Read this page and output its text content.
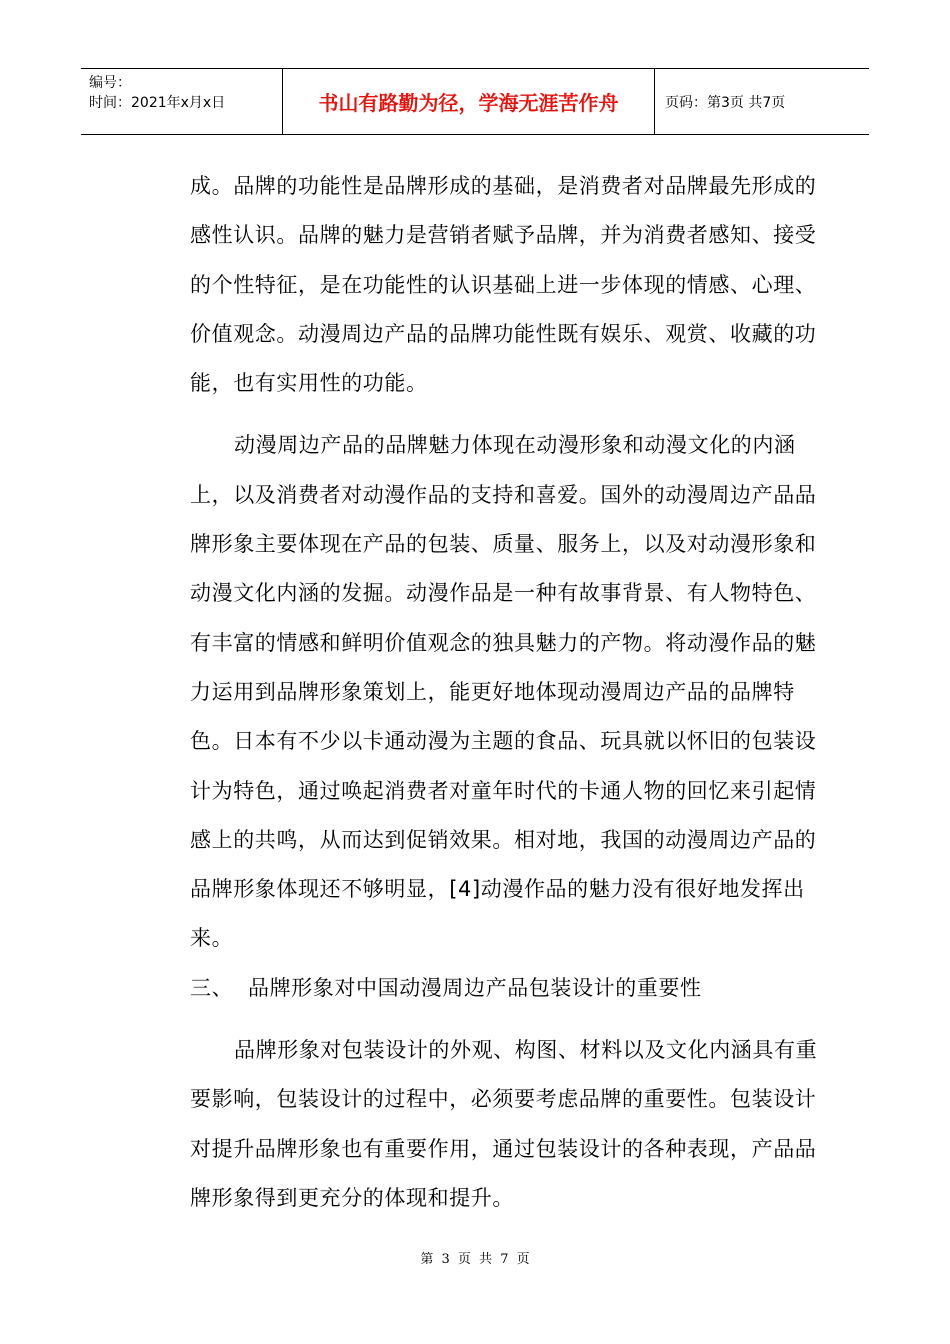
编号：
时间：2021年x月x日	书山有路勤为径，学海无涯苦作舟	页码：第3页 共7页

成。品牌的功能性是品牌形成的基础，是消费者对品牌最先形成的感性认识。品牌的魅力是营销者赋予品牌，并为消费者感知、接受的个性特征，是在功能性的认识基础上进一步体现的情感、心理、价值观念。动漫周边产品的品牌功能性既有娱乐、观赏、收藏的功能，也有实用性的功能。

动漫周边产品的品牌魅力体现在动漫形象和动漫文化的内涵上，以及消费者对动漫作品的支持和喜爱。国外的动漫周边产品品牌形象主要体现在产品的包装、质量、服务上，以及对动漫形象和动漫文化内涵的发掘。动漫作品是一种有故事背景、有人物特色、有丰富的情感和鲜明价值观念的独具魅力的产物。将动漫作品的魅力运用到品牌形象策划上，能更好地体现动漫周边产品的品牌特色。日本有不少以卡通动漫为主题的食品、玩具就以怀旧的包装设计为特色，通过唤起消费者对童年时代的卡通人物的回忆来引起情感上的共鸣，从而达到促销效果。相对地，我国的动漫周边产品的品牌形象体现还不够明显，[4]动漫作品的魅力没有很好地发挥出来。

三、 品牌形象对中国动漫周边产品包装设计的重要性

品牌形象对包装设计的外观、构图、材料以及文化内涵具有重要影响，包装设计的过程中，必须要考虑品牌的重要性。包装设计对提升品牌形象也有重要作用，通过包装设计的各种表现，产品品牌形象得到更充分的体现和提升。

第 3 页 共 7 页
